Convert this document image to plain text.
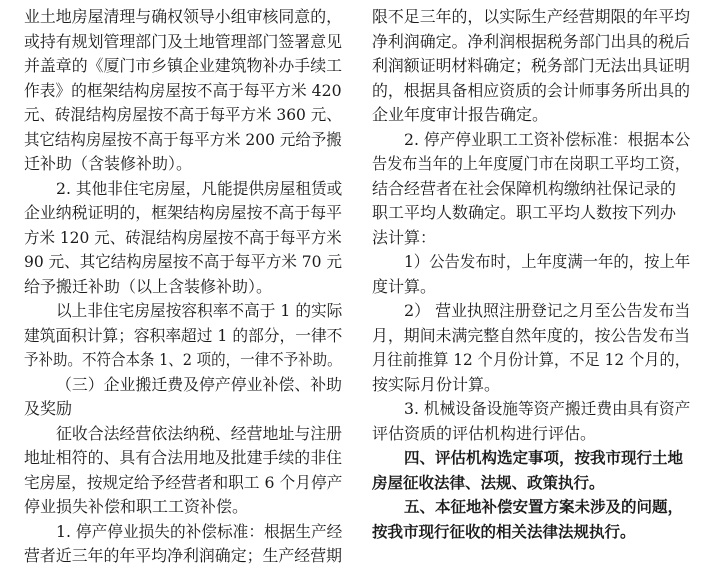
业土地房屋清理与确权领导小组审核同意的，
或持有规划管理部门及土地管理部门签署意见
并盖章的《厦门市乡镇企业建筑物补办手续工
作表》的框架结构房屋按不高于每平方米 420
元、砖混结构房屋按不高于每平方米 360 元、
其它结构房屋按不高于每平方米 200 元给予搬
迁补助（含装修补助）。
2. 其他非住宅房屋，凡能提供房屋租赁或
企业纳税证明的，框架结构房屋按不高于每平
方米 120 元、砖混结构房屋按不高于每平方米
90 元、其它结构房屋按不高于每平方米 70 元
给予搬迁补助（以上含装修补助）。
以上非住宅房屋按容积率不高于 1 的实际
建筑面积计算；容积率超过 1 的部分，一律不
予补助。不符合本条 1、2 项的，一律不予补助。
（三）企业搬迁费及停产停业补偿、补助
及奖励
征收合法经营依法纳税、经营地址与注册
地址相符的、具有合法用地及批建手续的非住
宅房屋，按规定给予经营者和职工 6 个月停产
停业损失补偿和职工工资补偿。
1. 停产停业损失的补偿标准：根据生产经
营者近三年的年平均净利润确定；生产经营期
限不足三年的，以实际生产经营期限的年平均
净利润确定。净利润根据税务部门出具的税后
利润额证明材料确定；税务部门无法出具证明
的，根据具备相应资质的会计师事务所出具的
企业年度审计报告确定。
2. 停产停业职工工资补偿标准：根据本公
告发布当年的上年度厦门市在岗职工平均工资，
结合经营者在社会保障机构缴纳社保记录的
职工平均人数确定。职工平均人数按下列办
法计算：
1）公告发布时，上年度满一年的，按上年
度计算。
2） 营业执照注册登记之月至公告发布当
月，期间未满完整自然年度的，按公告发布当
月往前推算 12 个月份计算，不足 12 个月的，
按实际月份计算。
3. 机械设备设施等资产搬迁费由具有资产
评估资质的评估机构进行评估。
四、评估机构选定事项，按我市现行土地
房屋征收法律、法规、政策执行。
五、本征地补偿安置方案未涉及的问题，
按我市现行征收的相关法律法规执行。
